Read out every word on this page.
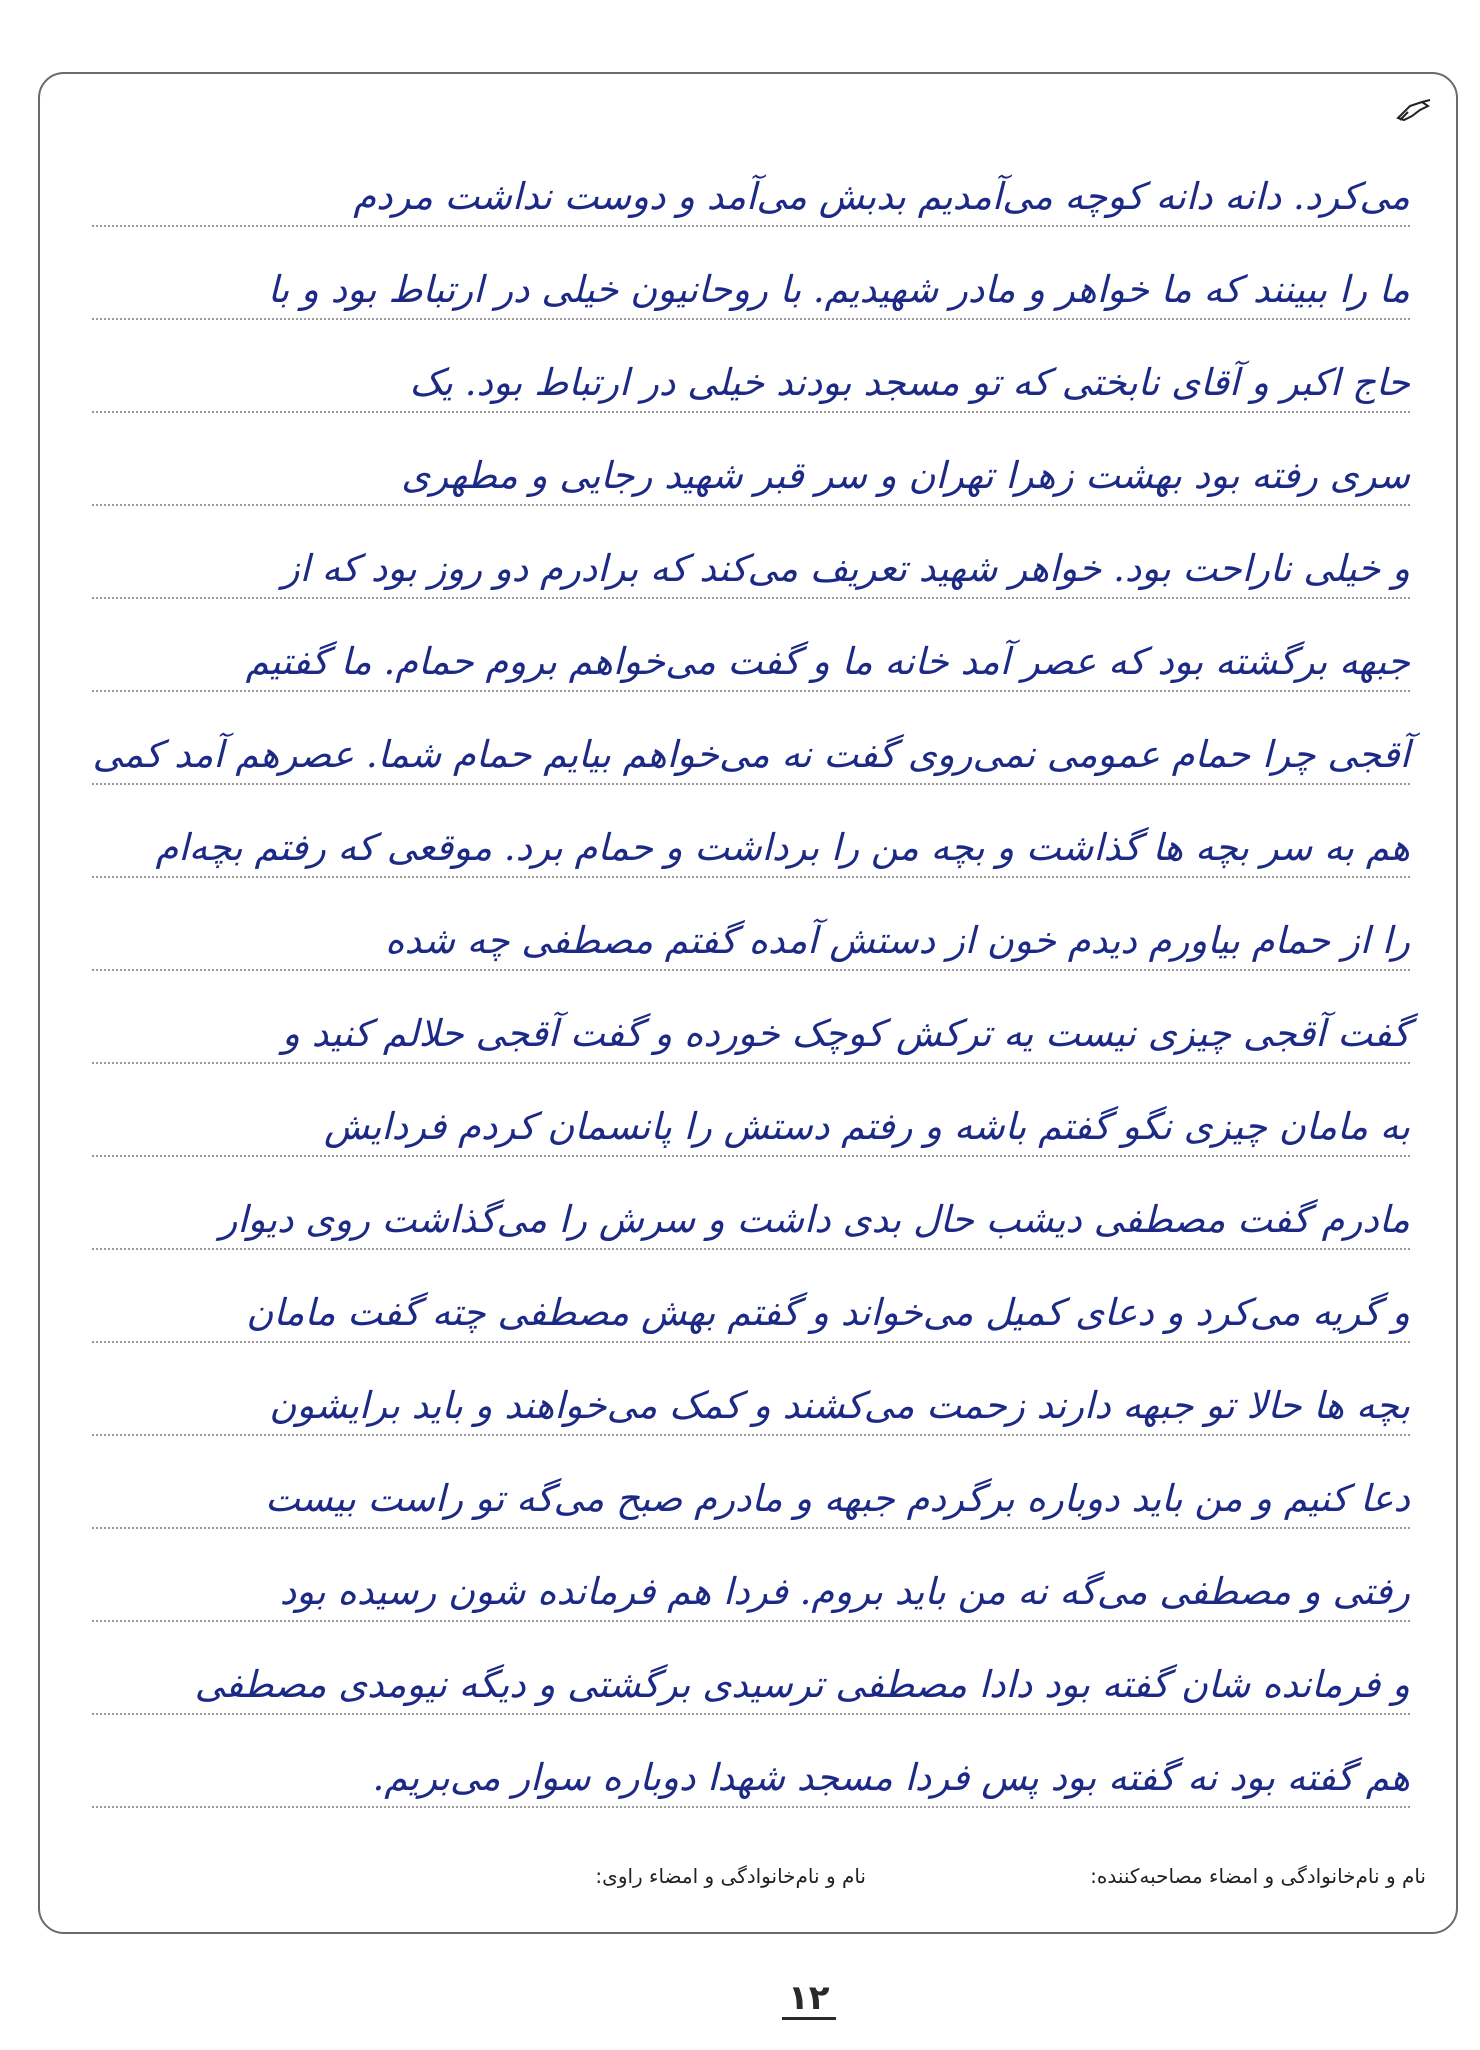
می‌کرد. دانه دانه کوچه می‌آمدیم بدبش می‌آمد و دوست نداشت مردم
ما را ببینند که ما خواهر و مادر شهیدیم. با روحانیون خیلی در ارتباط بود و با
حاج اکبر و آقای نابختی که تو مسجد بودند خیلی در ارتباط بود. یک
سری رفته بود بهشت زهرا تهران و سر قبر شهید رجایی و مطهری
و خیلی ناراحت بود. خواهر شهید تعریف می‌کند که برادرم دو روز بود که از
جبهه برگشته بود که عصر آمد خانه ما و گفت می‌خواهم بروم حمام. ما گفتیم
آقجی چرا حمام عمومی نمی‌روی گفت نه می‌خواهم بیایم حمام شما. عصرهم آمد کمی
هم به سر بچه ها گذاشت و بچه من را برداشت و حمام برد. موقعی که رفتم بچه‌ام
را از حمام بیاورم دیدم خون از دستش آمده گفتم مصطفی چه شده
گفت آقجی چیزی نیست یه ترکش کوچک خورده و گفت آقجی حلالم کنید و
به مامان چیزی نگو گفتم باشه و رفتم دستش را پانسمان کردم فردایش
مادرم گفت مصطفی دیشب حال بدی داشت و سرش را می‌گذاشت روی دیوار
و گریه می‌کرد و دعای کمیل می‌خواند و گفتم بهش مصطفی چته گفت مامان
بچه ها حالا تو جبهه دارند زحمت می‌کشند و کمک می‌خواهند و باید برایشون
دعا کنیم و من باید دوباره برگردم جبهه و مادرم صبح می‌گه تو راست بیست
رفتی و مصطفی می‌گه نه من باید بروم. فردا هم فرمانده شون رسیده بود
و فرمانده شان گفته بود دادا مصطفی ترسیدی برگشتی و دیگه نیومدی مصطفی
هم گفته بود نه گفته بود پس فردا مسجد شهدا دوباره سوار می‌بریم.
نام و نام‌خانوادگی و امضاء مصاحبه‌کننده:
نام و نام‌خانوادگی و امضاء راوی:
۱۲
